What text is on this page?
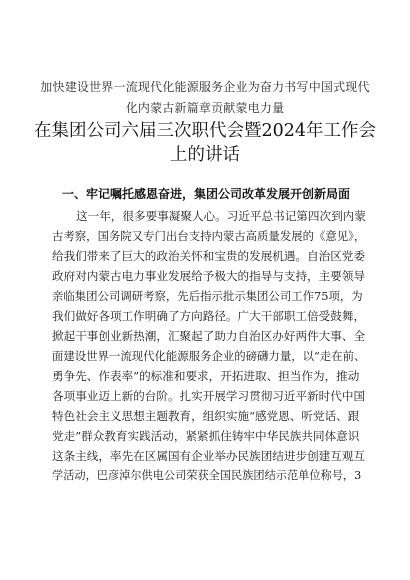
加快建设世界一流现代化能源服务企业为奋力书写中国式现代
化内蒙古新篇章贡献蒙电力量
在集团公司六届三次职代会暨2024年工作会
上的讲话
一、牢记嘱托感恩奋进，集团公司改革发展开创新局面
这一年，很多要事凝聚人心。习近平总书记第四次到内蒙
古考察，国务院又专门出台支持内蒙古高质量发展的《意见》，
给我们带来了巨大的政治关怀和宝贵的发展机遇。自治区党委
政府对内蒙古电力事业发展给予极大的指导与支持，主要领导
亲临集团公司调研考察，先后指示批示集团公司工作75项，为
我们做好各项工作明确了方向路径。广大干部职工倍受鼓舞，
掀起干事创业新热潮，汇聚起了助力自治区办好两件大事、全
面建设世界一流现代化能源服务企业的磅礴力量，以“走在前、
勇争先、作表率”的标准和要求，开拓进取、担当作为，推动
各项事业迈上新的台阶。扎实开展学习贯彻习近平新时代中国
特色社会主义思想主题教育，组织实施“感党恩、听党话、跟
党走”群众教育实践活动，紧紧抓住铸牢中华民族共同体意识
这条主线，率先在区属国有企业举办民族团结进步创建互观互
学活动，巴彦淖尔供电公司荣获全国民族团结示范单位称号，3
